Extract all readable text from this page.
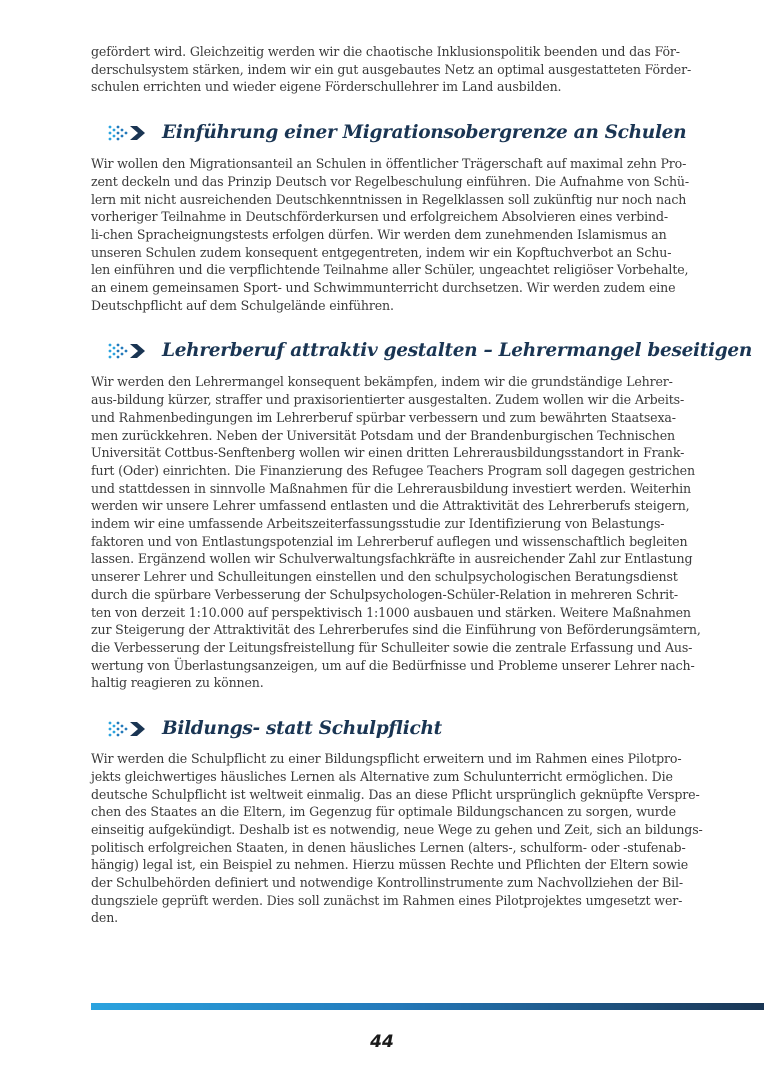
gefördert wird. Gleichzeitig werden wir die chaotische Inklusionspolitik beenden und das För-
derschulsystem stärken, indem wir ein gut ausgebautes Netz an optimal ausgestatteten Förder-
schulen errichten und wieder eigene Förderschullehrer im Land ausbilden.

Einführung einer Migrationsobergrenze an Schulen

Wir wollen den Migrationsanteil an Schulen in öffentlicher Trägerschaft auf maximal zehn Pro-
zent deckeln und das Prinzip Deutsch vor Regelbeschulung einführen. Die Aufnahme von Schü-
lern mit nicht ausreichenden Deutschkenntnissen in Regelklassen soll zukünftig nur noch nach
vorheriger Teilnahme in Deutschförderkursen und erfolgreichem Absolvieren eines verbind-
li-chen Spracheignungstests erfolgen dürfen. Wir werden dem zunehmenden Islamismus an
unseren Schulen zudem konsequent entgegentreten, indem wir ein Kopftuchverbot an Schu-
len einführen und die verpflichtende Teilnahme aller Schüler, ungeachtet religiöser Vorbehalte,
an einem gemeinsamen Sport- und Schwimmunterricht durchsetzen. Wir werden zudem eine
Deutschpflicht auf dem Schulgelände einführen.

Lehrerberuf attraktiv gestalten – Lehrermangel beseitigen

Wir werden den Lehrermangel konsequent bekämpfen, indem wir die grundständige Lehrer-
aus-bildung kürzer, straffer und praxisorientierter ausgestalten. Zudem wollen wir die Arbeits-
und Rahmenbedingungen im Lehrerberuf spürbar verbessern und zum bewährten Staatsexa-
men zurückkehren. Neben der Universität Potsdam und der Brandenburgischen Technischen
Universität Cottbus-Senftenberg wollen wir einen dritten Lehrerausbildungsstandort in Frank-
furt (Oder) einrichten. Die Finanzierung des Refugee Teachers Program soll dagegen gestrichen
und stattdessen in sinnvolle Maßnahmen für die Lehrerausbildung investiert werden. Weiterhin
werden wir unsere Lehrer umfassend entlasten und die Attraktivität des Lehrerberufs steigern,
indem wir eine umfassende Arbeitszeiterfassungsstudie zur Identifizierung von Belastungs-
faktoren und von Entlastungspotenzial im Lehrerberuf auflegen und wissenschaftlich begleiten
lassen. Ergänzend wollen wir Schulverwaltungsfachkräfte in ausreichender Zahl zur Entlastung
unserer Lehrer und Schulleitungen einstellen und den schulpsychologischen Beratungsdienst
durch die spürbare Verbesserung der Schulpsychologen-Schüler-Relation in mehreren Schrit-
ten von derzeit 1:10.000 auf perspektivisch 1:1000 ausbauen und stärken. Weitere Maßnahmen
zur Steigerung der Attraktivität des Lehrerberufes sind die Einführung von Beförderungsämtern,
die Verbesserung der Leitungsfreistellung für Schulleiter sowie die zentrale Erfassung und Aus-
wertung von Überlastungsanzeigen, um auf die Bedürfnisse und Probleme unserer Lehrer nach-
haltig reagieren zu können.

Bildungs- statt Schulpflicht

Wir werden die Schulpflicht zu einer Bildungspflicht erweitern und im Rahmen eines Pilotpro-
jekts gleichwertiges häusliches Lernen als Alternative zum Schulunterricht ermöglichen. Die
deutsche Schulpflicht ist weltweit einmalig. Das an diese Pflicht ursprünglich geknüpfte Verspre-
chen des Staates an die Eltern, im Gegenzug für optimale Bildungschancen zu sorgen, wurde
einseitig aufgekündigt. Deshalb ist es notwendig, neue Wege zu gehen und Zeit, sich an bildungs-
politisch erfolgreichen Staaten, in denen häusliches Lernen (alters-, schulform- oder -stufenab-
hängig) legal ist, ein Beispiel zu nehmen. Hierzu müssen Rechte und Pflichten der Eltern sowie
der Schulbehörden definiert und notwendige Kontrollinstrumente zum Nachvollziehen der Bil-
dungsziele geprüft werden. Dies soll zunächst im Rahmen eines Pilotprojektes umgesetzt wer-
den.

44
